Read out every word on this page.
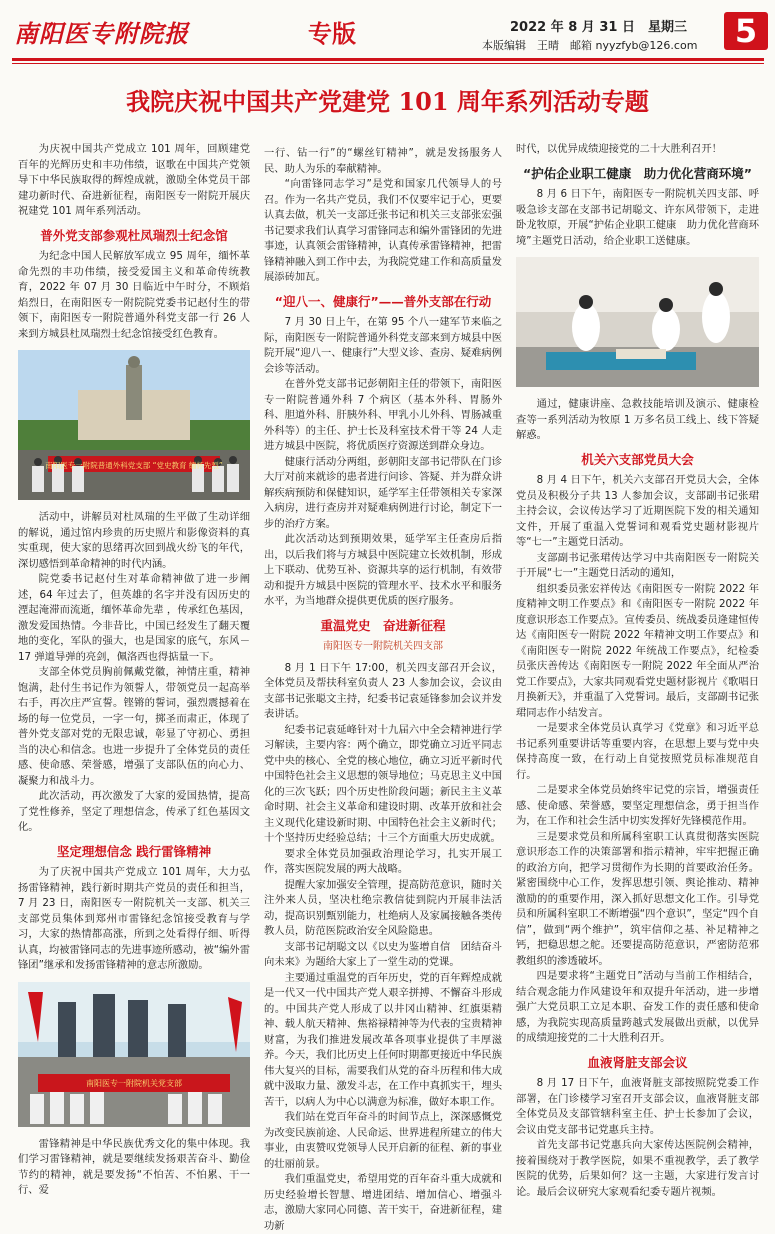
南阳医专附院报	专版	2022 年 8 月 31 日　星期三
本版编辑　王晴　邮箱 nyyzfyb@126.com	5
我院庆祝中国共产党建党 101 周年系列活动专题

为庆祝中国共产党成立 101 周年，回顾建党百年的光辉历史和丰功伟绩，讴歌在中国共产党领导下中华民族取得的辉煌成就，激励全体党员干部建功新时代、奋进新征程，南阳医专一附院开展庆祝建党 101 周年系列活动。

普外党支部参观杜凤瑞烈士纪念馆

为纪念中国人民解放军成立 95 周年，缅怀革命先烈的丰功伟绩，接受爱国主义和革命传统教育，2022 年 07 月 30 日临近中午时分，不顾焰焰烈日，在南阳医专一附院院党委书记赵付生的带领下，南阳医专一附院普通外科党支部一行 26 人来到方城县杜凤瑞烈士纪念馆接受红色教育。

南阳医专一附院普通外科党支部 “党史教育 缅怀先烈”

活动中，讲解员对杜凤瑞的生平做了生动详细的解说，通过馆内珍贵的历史照片和影像资料的真实重现，使大家的思绪再次回到战火纷飞的年代，深切感悟到革命精神的时代内涵。

院党委书记赵付生对革命精神做了进一步阐述，64 年过去了，但英雄的名字并没有因历史的湮起淹滞而流逝，缅怀革命先辈 ，传承红色基因，激发爱国热情。今非昔比，中国已经发生了翻天覆地的变化，军队的强大，也是国家的底气，东风－17 弹道导弹的亮剑，佩洛西也得掂量一下。

支部全体党员胸前佩戴党徽，神情庄重，精神饱满，赴付生书记作为领誓人，带领党员一起高举右手，再次庄严宣誓。铿锵的誓词，强烈震撼着在场的每一位党员，一字一句，掷圣而肃正，体现了普外党支部对党的无限忠诚，彰显了守初心、勇担当的决心和信念。也进一步提升了全体党员的责任感、使命感、荣誉感，增强了支部队伍的向心力、凝聚力和战斗力。

此次活动，再次激发了大家的爱国热情，提高了党性修养，坚定了理想信念，传承了红色基因文化。

坚定理想信念 践行雷锋精神

为了庆祝中国共产党成立 101 周年，大力弘扬雷锋精神，践行新时期共产党员的责任和担当，7 月 23 日，南阳医专一附院机关一支部、机关三支部党员集体到郑州市雷锋纪念馆接受教育与学习，大家的热情都高涨，所到之处看得仔细、听得认真，均被雷锋同志的先进事迹所感动，被“编外雷锋团”继承和发扬雷锋精神的意志所激励。

南阳医专一附院机关党支部

雷锋精神是中华民族优秀文化的集中体现。我们学习雷锋精神，就是要继续发扬艰苦奋斗、勤俭节约的精神，就是要发扬“不怕苦、不怕累、干一行、爱

一行、钻一行”的“螺丝钉精神”，就是发扬服务人民、助人为乐的奉献精神。

“向雷锋同志学习”是党和国家几代领导人的号召。作为一名共产党员，我们不仅要牢记于心，更要认真去做，机关一支部迁张书记和机关三支部张宏强书记要求我们认真学习雷锋同志和编外雷锋团的先进事迹，认真领会雷锋精神，认真传承雷锋精神，把雷锋精神融入到工作中去，为我院党建工作和高质量发展添砖加瓦。

“迎八一、健康行”——普外支部在行动

7 月 30 日上午，在第 95 个八一建军节来临之际，南阳医专一附院普通外科党支部来到方城县中医院开展“迎八一、健康行”大型义诊、查房、疑难病例会诊等活动。

在普外党支部书记彭朝阳主任的带领下，南阳医专一附院普通外科 7 个病区（基本外科、胃肠外科、胆道外科、肝胰外科、甲乳小儿外科、胃肠减重外科等）的主任、护士长及科室技术骨干等 24 人走进方城县中医院，将优质医疗资源送到群众身边。

健康行活动分两组，彭朝阳支部书记带队在门诊大厅对前来就诊的患者进行问诊、答疑、并为群众讲解疾病预防和保健知识，延学军主任带领相关专家深入病房，进行查房并对疑难病例进行讨论，制定下一步的治疗方案。

此次活动达到预期效果，延学军主任查房后指出，以后我们将与方城县中医院建立长效机制，形成上下联动、优势互补、资源共享的运行机制，有效带动和提升方城县中医院的管理水平、技术水平和服务水平，为当地群众提供更优质的医疗服务。

重温党史　奋进新征程
南阳医专一附院机关四支部

8 月 1 日下午 17:00，机关四支部召开会议，全体党员及帮扶科室负责人 23 人参加会议，会议由支部书记张聪文主持，纪委书记袁延锋参加会议并发表讲话。

纪委书记袁延峰针对十九届六中全会精神进行学习解读，主要内容：两个确立，即党确立习近平同志党中央的核心、全党的核心地位，确立习近平新时代中国特色社会主义思想的领导地位；马克思主义中国化的三次飞跃；四个历史性阶段问题；新民主主义革命时期、社会主义革命和建设时期、改革开放和社会主义现代化建设新时期、中国特色社会主义新时代；十个坚持历史经验总结；十三个方面重大历史成就。

要求全体党员加强政治理论学习，扎实开展工作，落实医院发展的两大战略。

提醒大家加强安全管理，提高防范意识，随时关注外来人员，坚决杜绝宗教信徒到院内开展非法活动，提高识别甄别能力，杜绝病人及家属接触各类传教人员，防范医院政治安全风险隐患。

支部书记胡聪文以《以史为鉴增自信　团结奋斗向未来》为题给大家上了一堂生动的党课。

主要通过重温党的百年历史，党的百年辉煌成就是一代又一代中国共产党人艰辛拼搏、不懈奋斗形成的。中国共产党人形成了以井冈山精神、红旗渠精神、载人航天精神、焦裕禄精神等为代表的宝贵精神财富，为我们推进发展改革各项事业提供了丰厚滋养。今天，我们比历史上任何时期都更接近中华民族伟大复兴的目标，需要我们从党的奋斗历程和伟大成就中汲取力量、激发斗志，在工作中真抓实干，埋头苦干，以病人为中心以满意为标准，做好本职工作。

我们站在党百年奋斗的时间节点上，深深感慨党为改变民族前途、人民命运、世界进程所建立的伟大事业，由衷赞叹党领导人民开启新的征程、新的事业的壮丽前景。

我们重温党史，希望用党的百年奋斗重大成就和历史经验增长智慧、增进团结、增加信心、增强斗志，激励大家同心同德、苦干实干，奋进新征程，建功新

时代，以优异成绩迎接党的二十大胜利召开！

“护佑企业职工健康　助力优化营商环境”

8 月 6 日下午，南阳医专一附院机关四支部、呼吸急诊支部在支部书记胡聪文、许东风带领下，走进卧龙牧原，开展“护佑企业职工健康　助力优化营商环境”主题党日活动，给企业职工送健康。

通过，健康讲座、急救技能培训及演示、健康检查等一系列活动为牧原 1 万多名员工线上、线下答疑解惑。

机关六支部党员大会

8 月 4 日下午，机关六支部召开党员大会，全体党员及积极分子共 13 人参加会议，支部副书记张珺主持会议，会议传达学习了近期医院下发的相关通知文件，开展了重温入党誓词和观看党史题材影视片等“七一”主题党日活动。

支部副书记张珺传达学习中共南阳医专一附院关于开展“七一”主题党日活动的通知，

组织委员张宏祥传达《南阳医专一附院 2022 年度精神文明工作要点》和《南阳医专一附院 2022 年度意识形态工作要点》。宣传委员、统战委员逄建恒传达《南阳医专一附院 2022 年精神文明工作要点》和《南阳医专一附院 2022 年统战工作要点》，纪检委员张庆善传达《南阳医专一附院 2022 年全面从严治党工作要点》，大家共同观看党史题材影视片《歌唱日月换新天》，并重温了入党誓词。最后，支部副书记张珺同志作小结发言。

一是要求全体党员认真学习《党章》和习近平总书记系列重要讲话等重要内容，在思想上要与党中央保持高度一致，在行动上自觉按照党员标准规范自行。

二是要求全体党员始终牢记党的宗旨，增强责任感、使命感、荣誉感，要坚定理想信念，勇于担当作为，在工作和社会生活中切实发挥好先锋模范作用。

三是要求党员和所属科室职工认真贯彻落实医院意识形态工作的决策部署和指示精神，牢牢把握正确的政治方向，把学习贯彻作为长期的首要政治任务。紧密围绕中心工作，发挥思想引领、舆论推动、精神激励的的重要作用，深入抓好思想文化工作。引导党员和所属科室职工不断增强“四个意识”，坚定“四个自信”，做到“两个维护”，筑牢信仰之基、补足精神之钙，把稳思想之舵。还要提高防范意识，严密防范邪教组织的渗透破坏。

四是要求将“主题党日”活动与当前工作相结合，结合观念能力作风建设年和双提升年活动，进一步增强广大党员职工立足本职、奋发工作的责任感和使命感，为我院实现高质量跨越式发展做出贡献，以优异的成绩迎接党的二十大胜利召开。

血液肾脏支部会议

8 月 17 日下午，血液肾脏支部按照院党委工作部署，在门诊楼学习室召开支部会议，血液肾脏支部全体党员及支部管辖科室主任、护士长参加了会议，会议由党支部书记党惠兵主持。

首先支部书记党惠兵向大家传达医院例会精神，接着围绕对于教学医院，如果不重视教学，丢了教学医院的优势，后果如何？这一主题，大家进行发言讨论。最后会议研究大家观看纪委专题片视频。
